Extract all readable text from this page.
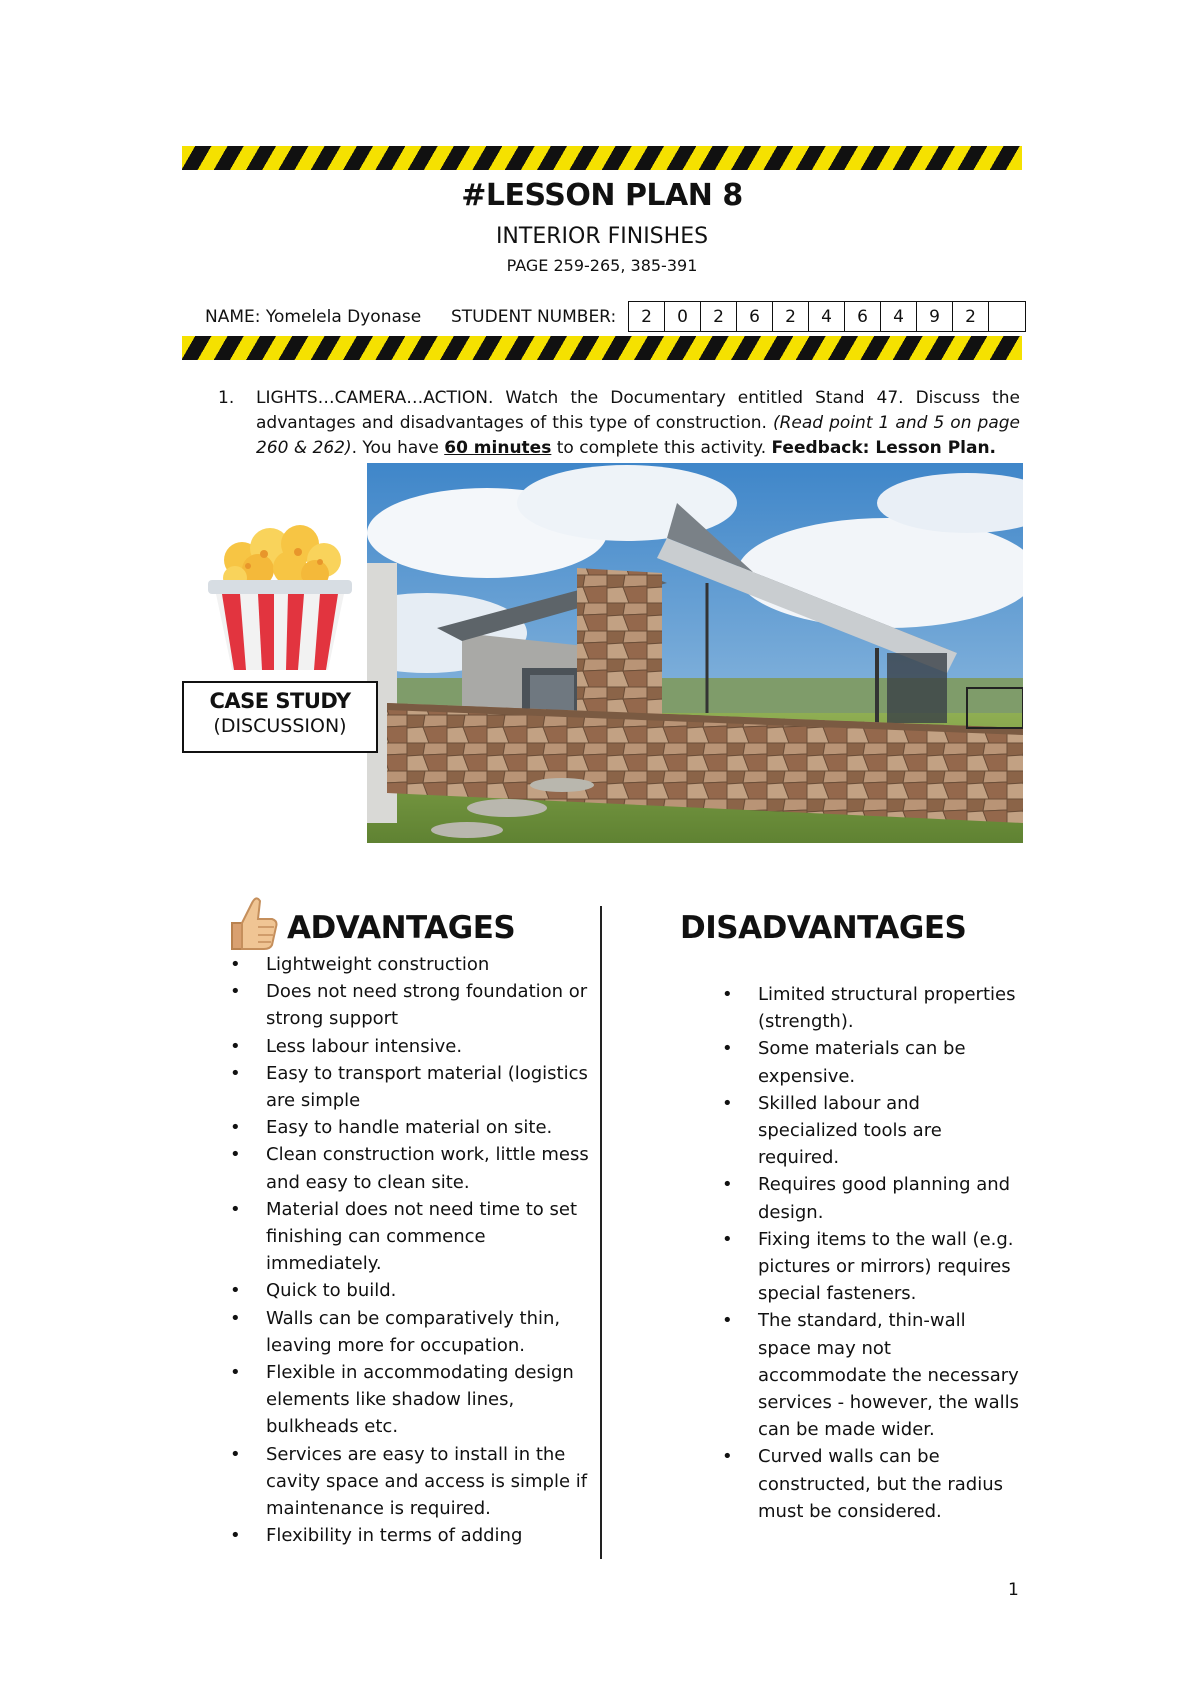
#LESSON PLAN 8
INTERIOR FINISHES
PAGE 259-265, 385-391
NAME: Yomelela Dyonase STUDENT NUMBER:	2	0	2	6	2	4	6	4	9	2
1. LIGHTS…CAMERA…ACTION. Watch the Documentary entitled Stand 47. Discuss the advantages and disadvantages of this type of construction. (Read point 1 and 5 on page 260 & 262). You have 60 minutes to complete this activity. Feedback: Lesson Plan.
CASE STUDY
(DISCUSSION)
ADVANTAGES
• Lightweight construction
• Does not need strong foundation or strong support
• Less labour intensive.
• Easy to transport material (logistics are simple
• Easy to handle material on site.
• Clean construction work, little mess and easy to clean site.
• Material does not need time to set finishing can commence immediately.
• Quick to build.
• Walls can be comparatively thin, leaving more for occupation.
• Flexible in accommodating design elements like shadow lines, bulkheads etc.
• Services are easy to install in the cavity space and access is simple if maintenance is required.
• Flexibility in terms of adding
DISADVANTAGES
• Limited structural properties (strength).
• Some materials can be expensive.
• Skilled labour and specialized tools are required.
• Requires good planning and design.
• Fixing items to the wall (e.g. pictures or mirrors) requires special fasteners.
• The standard, thin-wall space may not accommodate the necessary services - however, the walls can be made wider.
• Curved walls can be constructed, but the radius must be considered.
1
